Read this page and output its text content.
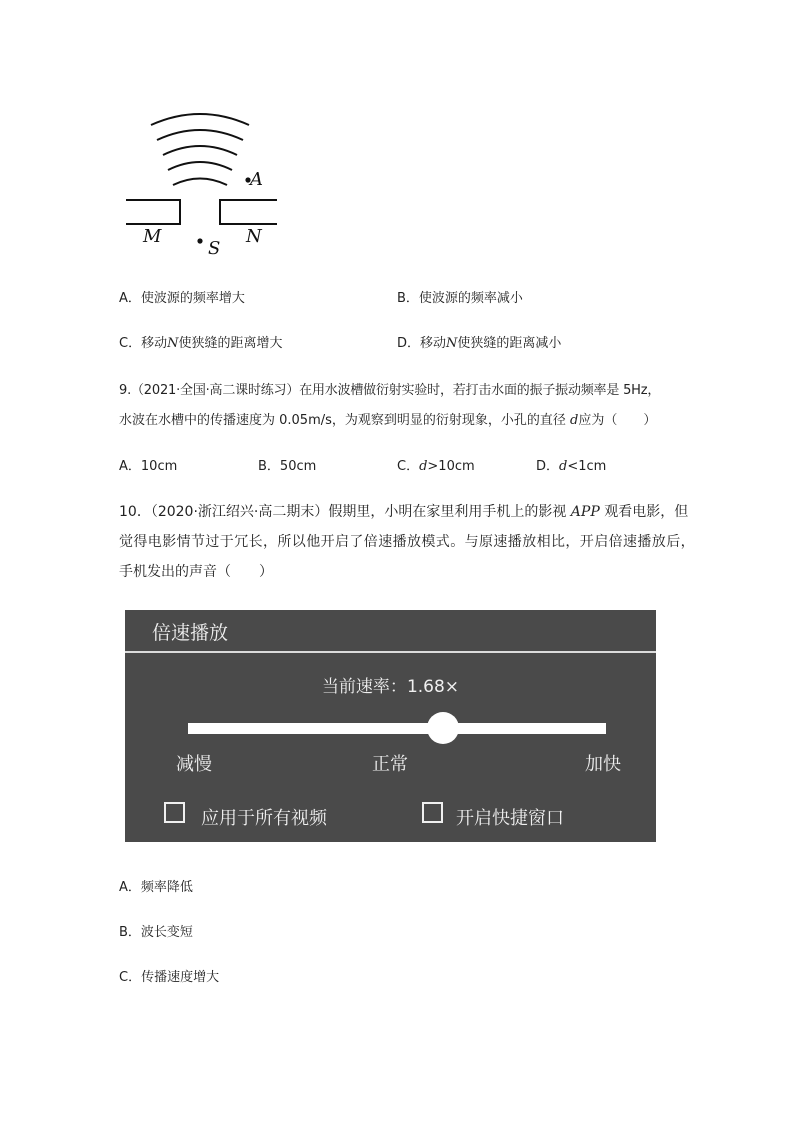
A
S
M	N
A．使波源的频率增大	B．使波源的频率减小
C．移动N使狭缝的距离增大	D．移动N使狭缝的距离减小
9.（2021·全国·高二课时练习）在用水波槽做衍射实验时，若打击水面的振子振动频率是 5Hz，
水波在水槽中的传播速度为 0.05m/s，为观察到明显的衍射现象，小孔的直径 d应为（　　）
A．10cm	B．50cm	C．d>10cm	D．d<1cm
10．（2020·浙江绍兴·高二期末）假期里，小明在家里利用手机上的影视 APP 观看电影，但
觉得电影情节过于冗长，所以他开启了倍速播放模式。与原速播放相比，开启倍速播放后，
手机发出的声音（　　）
倍速播放
当前速率：1.68×
减慢	正常	加快
应用于所有视频	开启快捷窗口
A．频率降低
B．波长变短
C．传播速度增大
